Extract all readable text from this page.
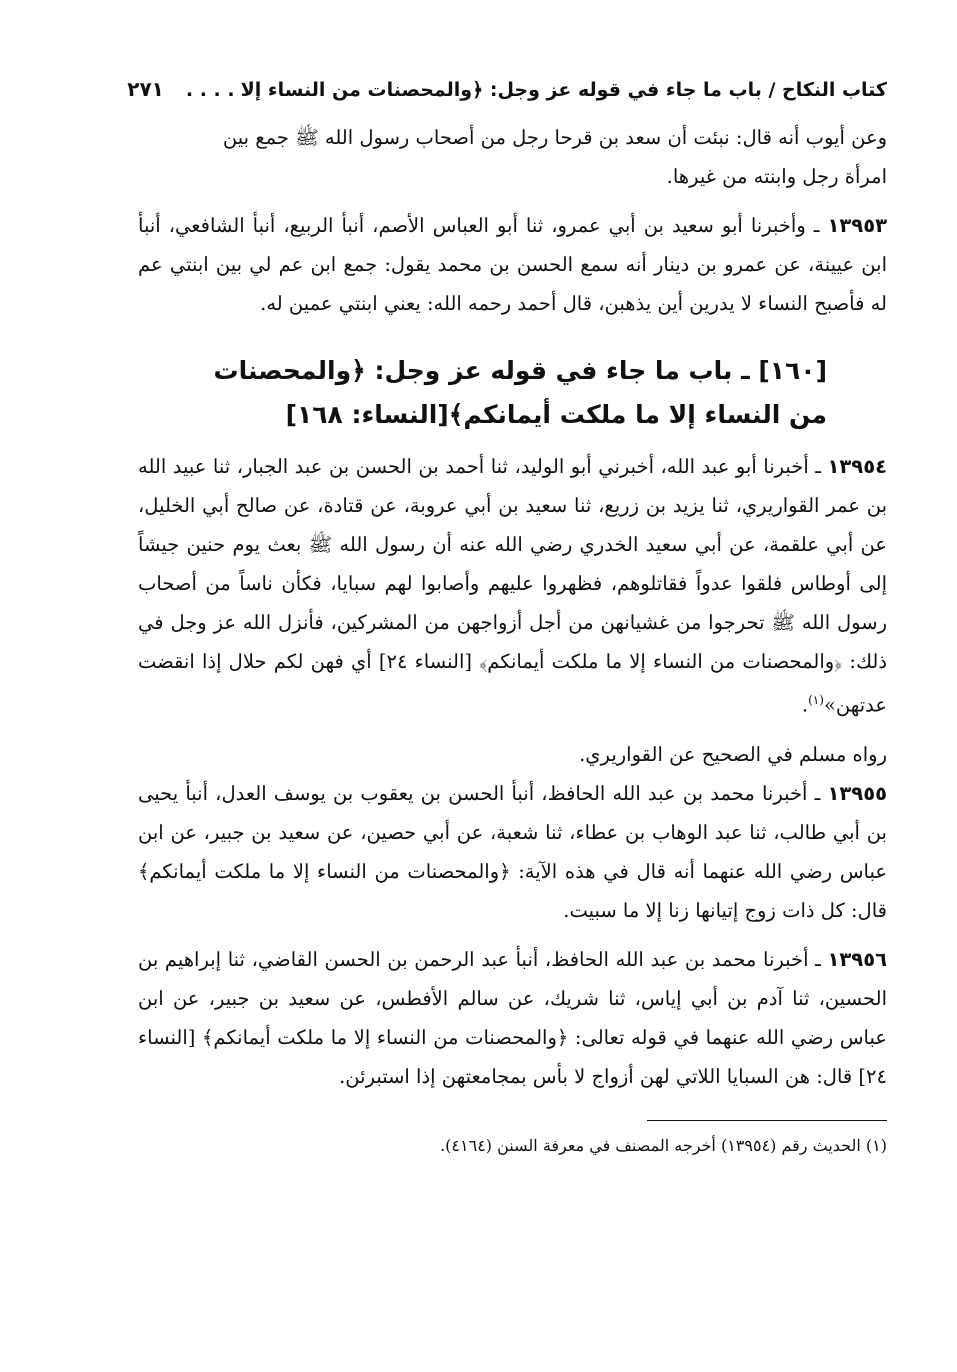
كتاب النكاح / باب ما جاء في قوله عز وجل: ﴿والمحصنات من النساء إلا
. . . .
٢٧١

وعن أيوب أنه قال: نبئت أن سعد بن قرحا رجل من أصحاب رسول الله ﷺ جمع بين
امرأة رجل وابنته من غيرها.

١٣٩٥٣ ـ وأخبرنا أبو سعيد بن أبي عمرو، ثنا أبو العباس الأصم، أنبأ الربيع، أنبأ الشافعي، أنبأ ابن عيينة، عن عمرو بن دينار أنه سمع الحسن بن محمد يقول: جمع ابن عم لي بين ابنتي عم له فأصبح النساء لا يدرين أين يذهبن، قال أحمد رحمه الله: يعني ابنتي عمين له.

[١٦٠] ـ باب ما جاء في قوله عز وجل: ﴿والمحصنات
من النساء إلا ما ملكت أيمانكم﴾[النساء: ١٦٨]

١٣٩٥٤ ـ أخبرنا أبو عبد الله، أخبرني أبو الوليد، ثنا أحمد بن الحسن بن عبد الجبار، ثنا عبيد الله بن عمر القواريري، ثنا يزيد بن زريع، ثنا سعيد بن أبي عروبة، عن قتادة، عن صالح أبي الخليل، عن أبي علقمة، عن أبي سعيد الخدري رضي الله عنه أن رسول الله ﷺ بعث يوم حنين جيشاً إلى أوطاس فلقوا عدواً فقاتلوهم، فظهروا عليهم وأصابوا لهم سبايا، فكأن ناساً من أصحاب رسول الله ﷺ تحرجوا من غشيانهن من أجل أزواجهن من المشركين، فأنزل الله عز وجل في ذلك: ﴿والمحصنات من النساء إلا ما ملكت أيمانكم﴾ [النساء ٢٤] أي فهن لكم حلال إذا انقضت عدتهن»$^{(١)}$.

رواه مسلم في الصحيح عن القواريري.

١٣٩٥٥ ـ أخبرنا محمد بن عبد الله الحافظ، أنبأ الحسن بن يعقوب بن يوسف العدل، أنبأ يحيى بن أبي طالب، ثنا عبد الوهاب بن عطاء، ثنا شعبة، عن أبي حصين، عن سعيد بن جبير، عن ابن عباس رضي الله عنهما أنه قال في هذه الآية: ﴿والمحصنات من النساء إلا ما ملكت أيمانكم﴾ قال: كل ذات زوج إتيانها زنا إلا ما سبيت.

١٣٩٥٦ ـ أخبرنا محمد بن عبد الله الحافظ، أنبأ عبد الرحمن بن الحسن القاضي، ثنا إبراهيم بن الحسين، ثنا آدم بن أبي إياس، ثنا شريك، عن سالم الأفطس، عن سعيد بن جبير، عن ابن عباس رضي الله عنهما في قوله تعالى: ﴿والمحصنات من النساء إلا ما ملكت أيمانكم﴾ [النساء ٢٤] قال: هن السبايا اللاتي لهن أزواج لا بأس بمجامعتهن إذا استبرئن.

(١) الحديث رقم (١٣٩٥٤) أخرجه المصنف في معرفة السنن (٤١٦٤).
